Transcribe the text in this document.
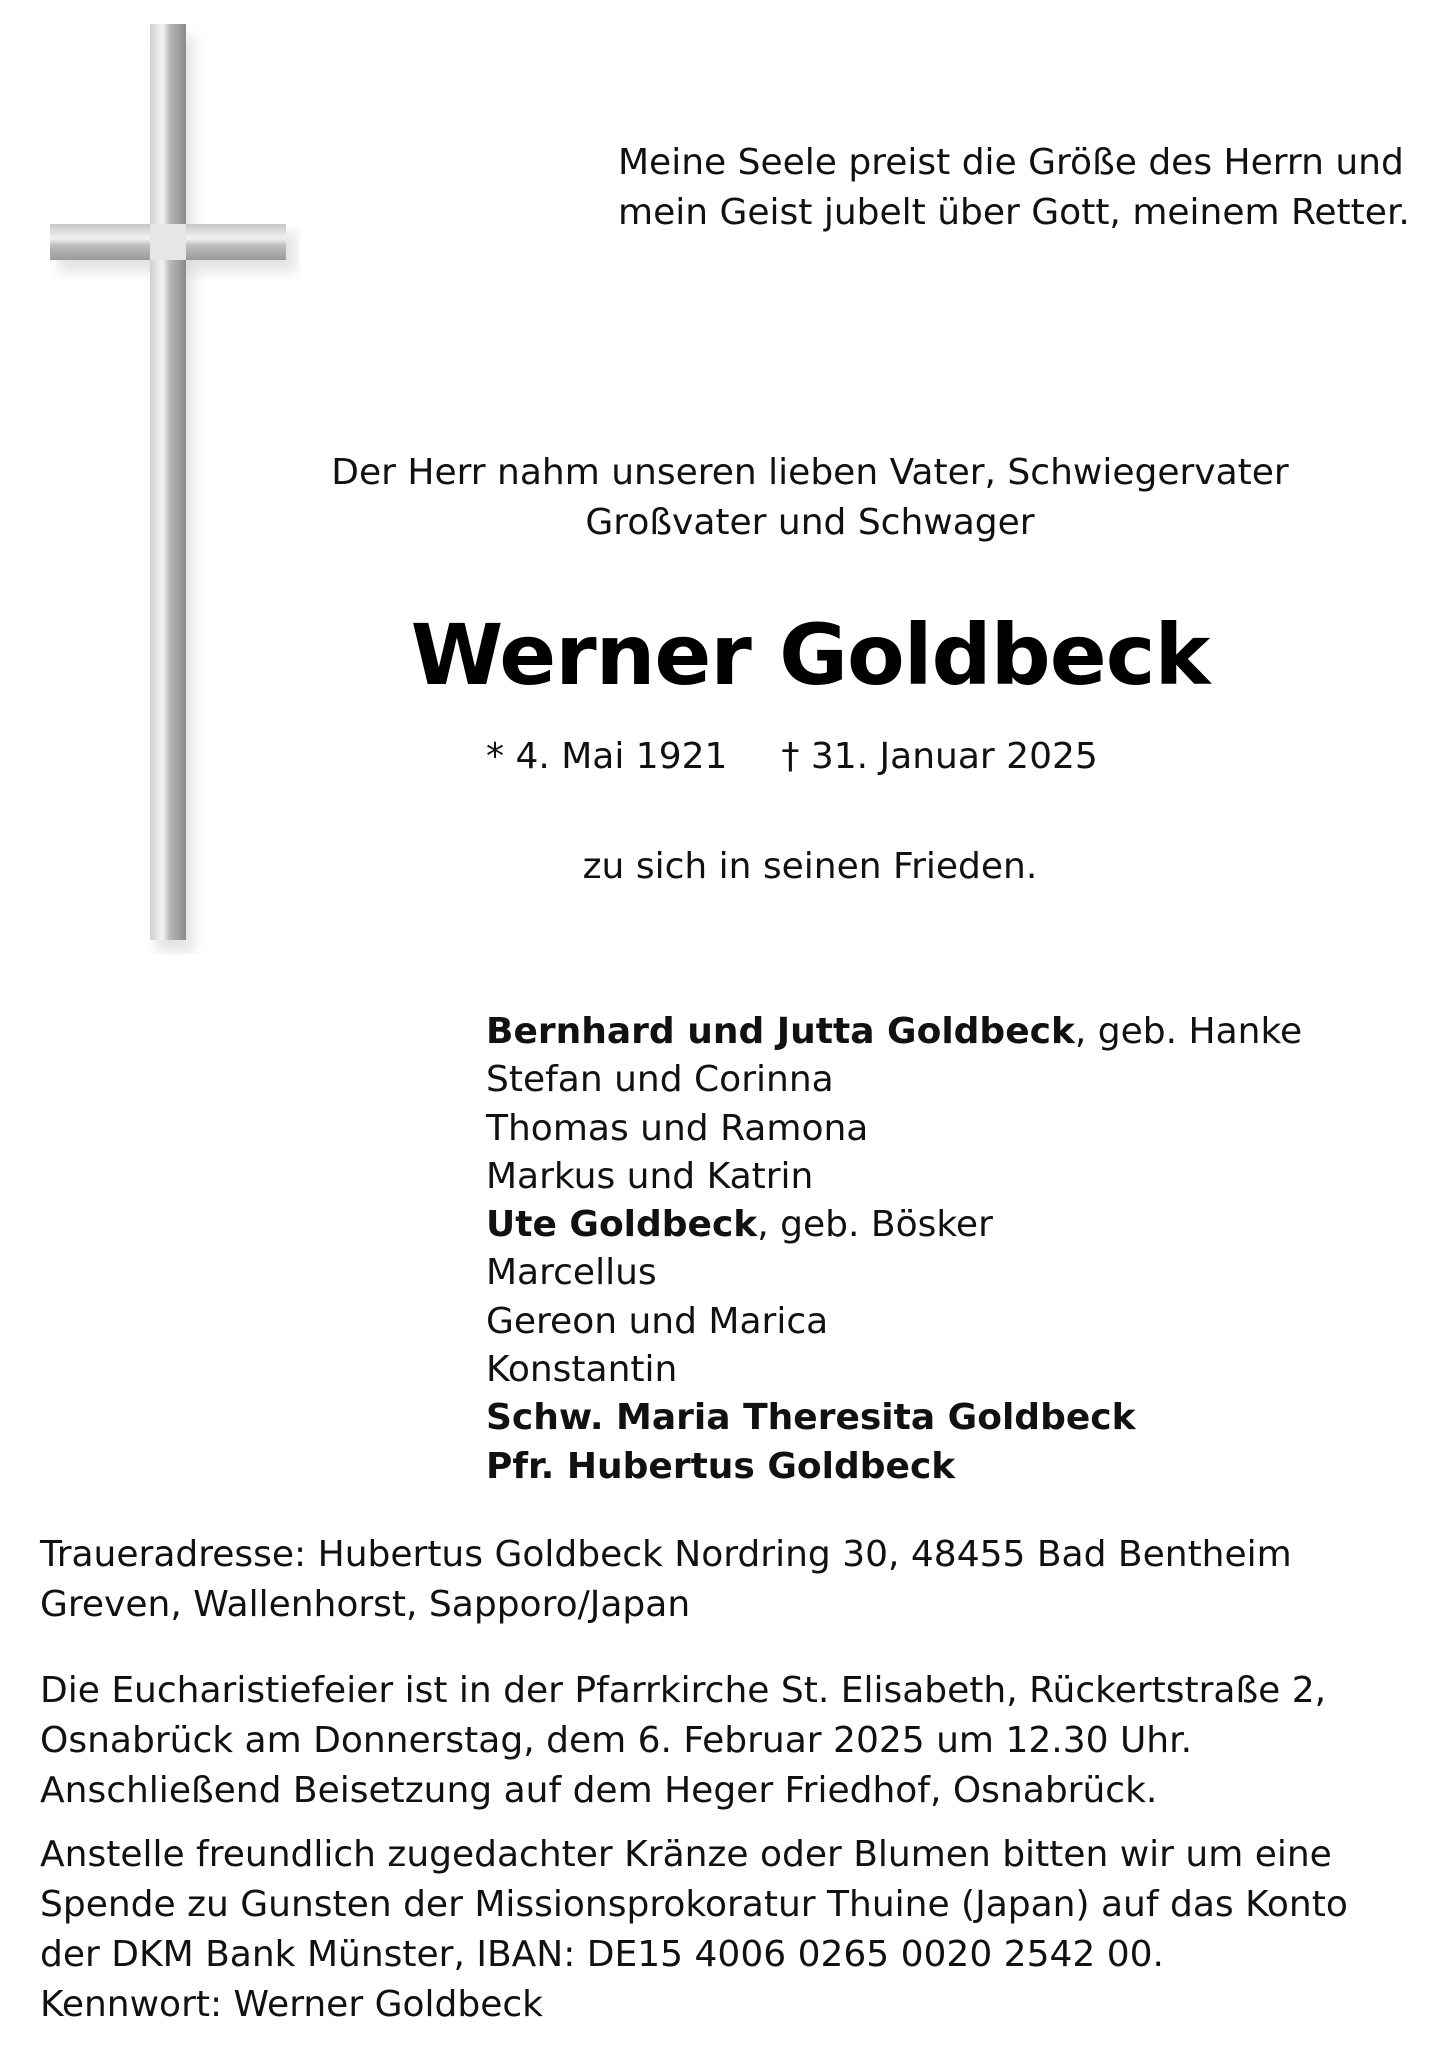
Meine Seele preist die Größe des Herrn und
mein Geist jubelt über Gott, meinem Retter.
Der Herr nahm unseren lieben Vater, Schwiegervater
Großvater und Schwager
Werner Goldbeck
* 4. Mai 1921 † 31. Januar 2025
zu sich in seinen Frieden.
Bernhard und Jutta Goldbeck, geb. Hanke
Stefan und Corinna
Thomas und Ramona
Markus und Katrin
Ute Goldbeck, geb. Bösker
Marcellus
Gereon und Marica
Konstantin
Schw. Maria Theresita Goldbeck
Pfr. Hubertus Goldbeck
Traueradresse: Hubertus Goldbeck Nordring 30, 48455 Bad Bentheim
Greven, Wallenhorst, Sapporo/Japan
Die Eucharistiefeier ist in der Pfarrkirche St. Elisabeth, Rückertstraße 2,
Osnabrück am Donnerstag, dem 6. Februar 2025 um 12.30 Uhr.
Anschließend Beisetzung auf dem Heger Friedhof, Osnabrück.
Anstelle freundlich zugedachter Kränze oder Blumen bitten wir um eine
Spende zu Gunsten der Missionsprokoratur Thuine (Japan) auf das Konto
der DKM Bank Münster, IBAN: DE15 4006 0265 0020 2542 00.
Kennwort: Werner Goldbeck
